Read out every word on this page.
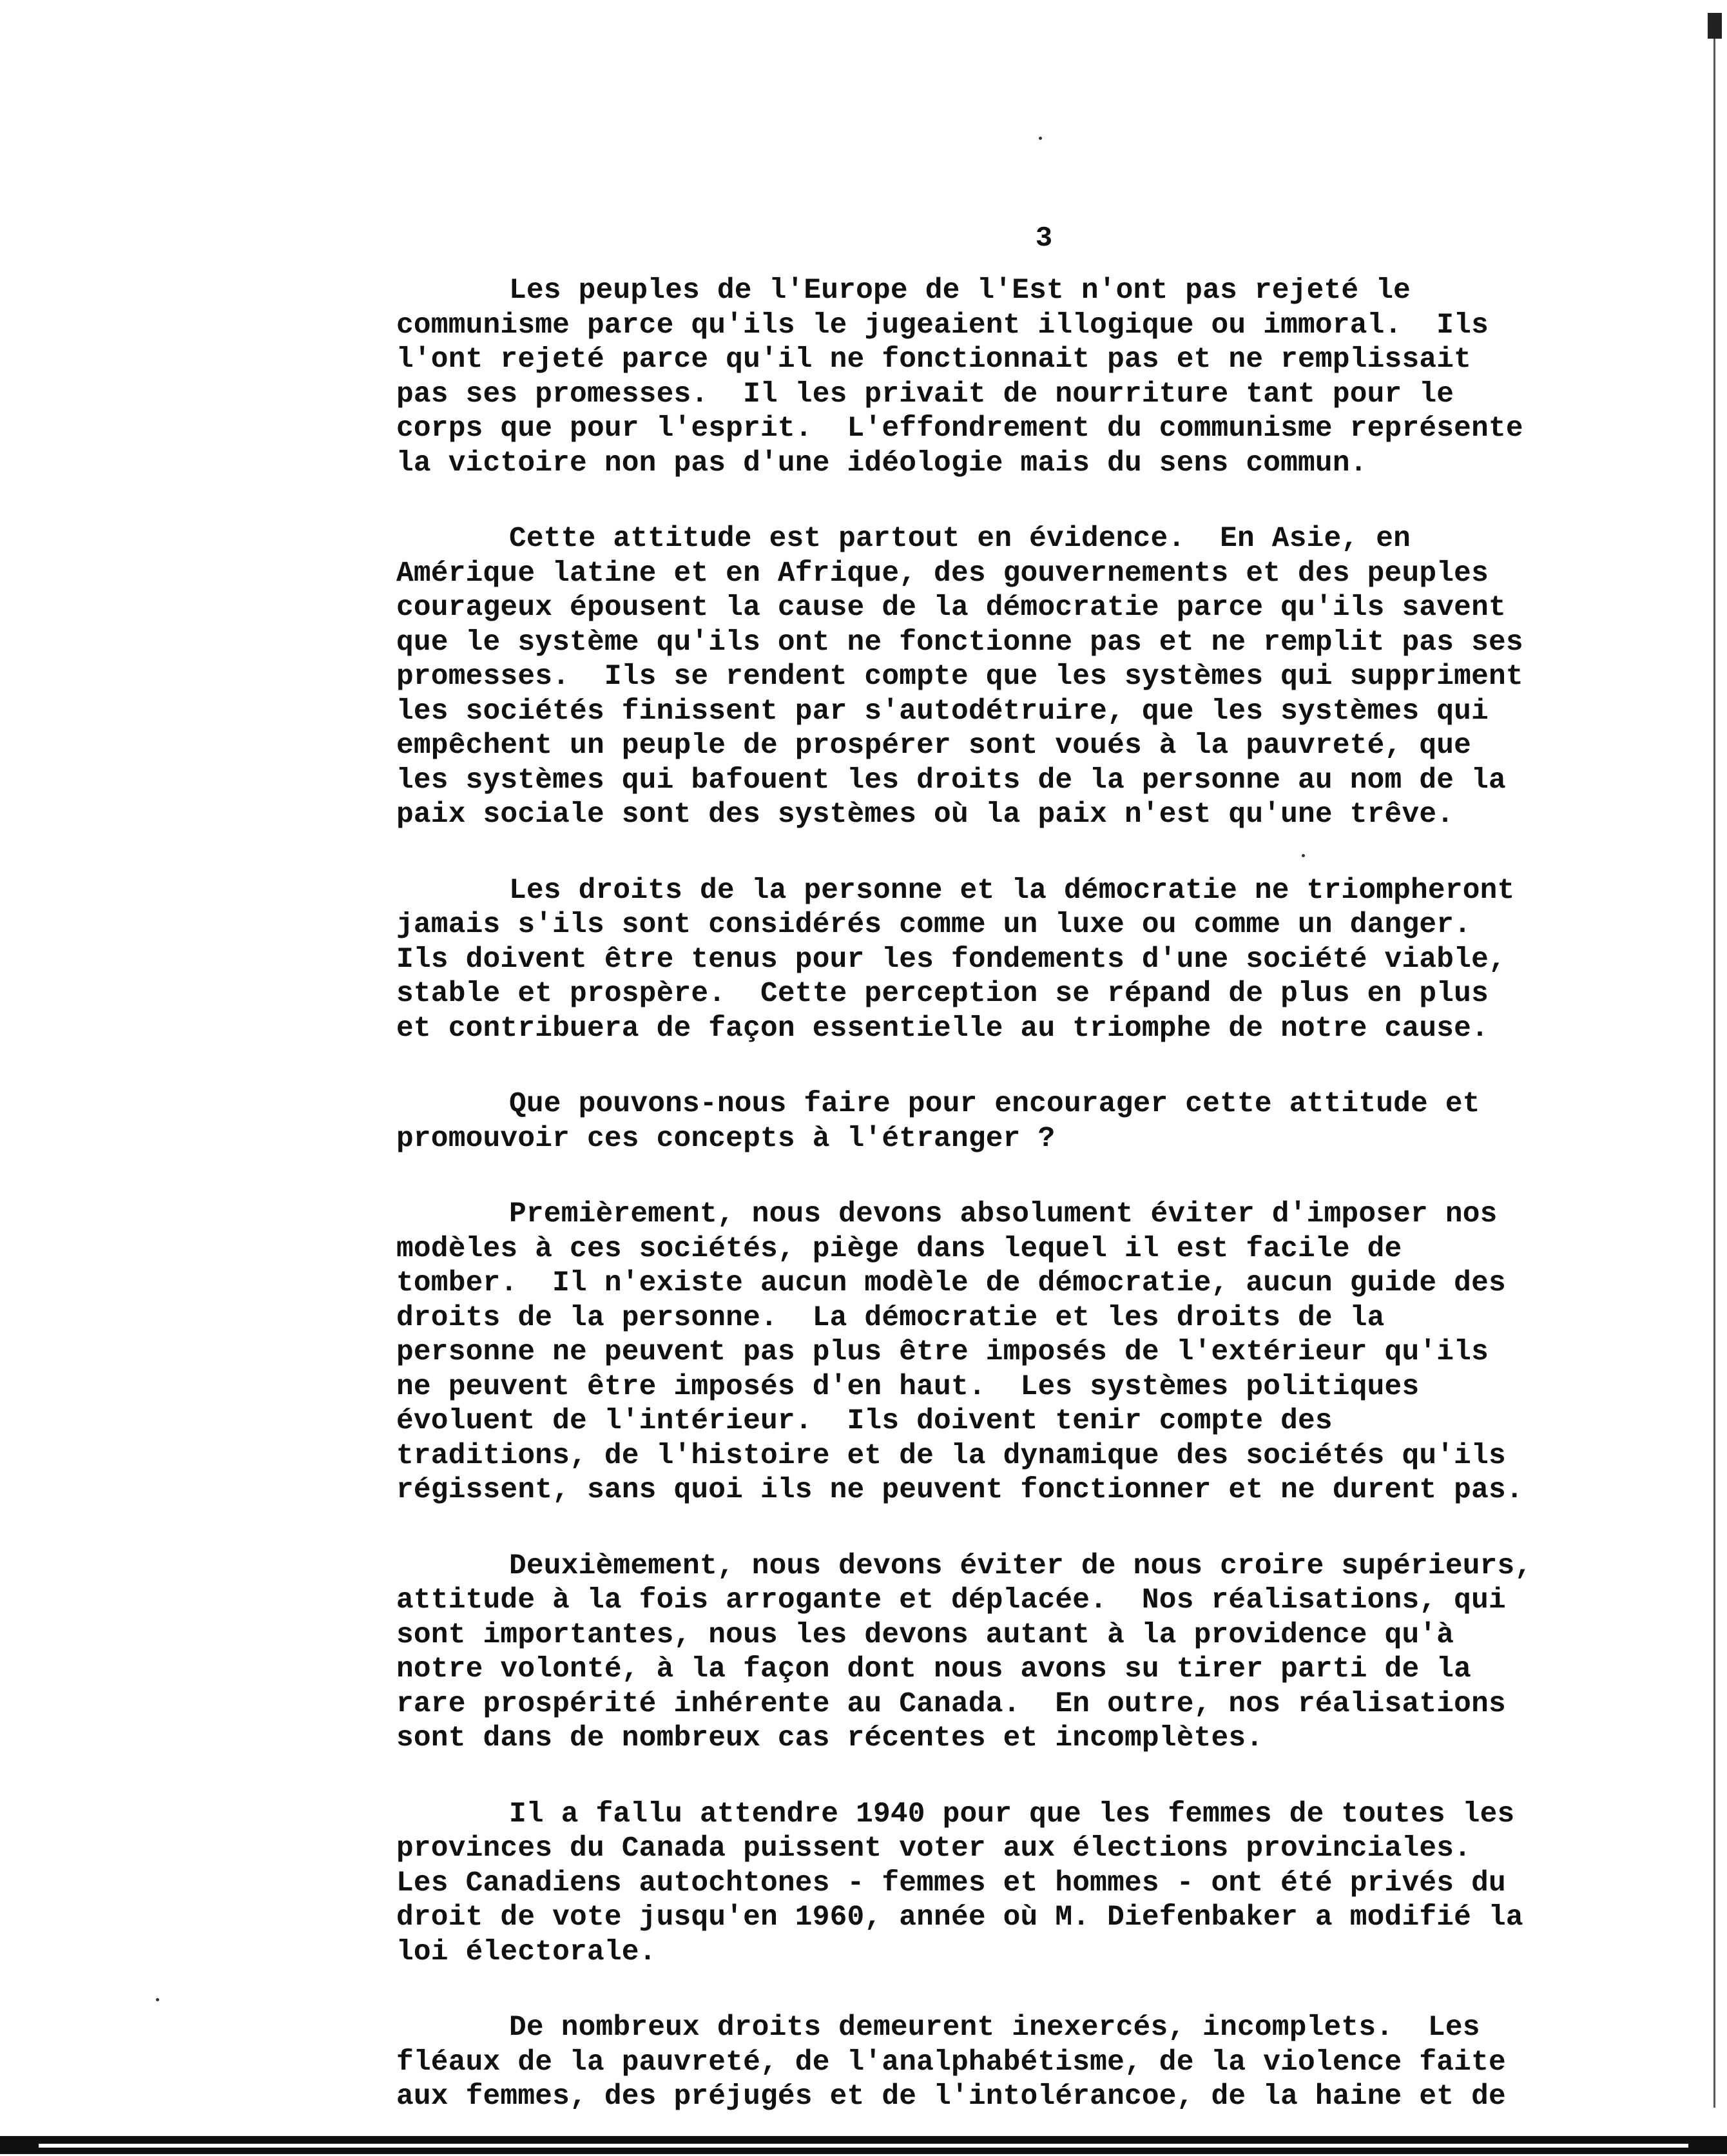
3
Les peuples de l'Europe de l'Est n'ont pas rejeté le
communisme parce qu'ils le jugeaient illogique ou immoral.  Ils
l'ont rejeté parce qu'il ne fonctionnait pas et ne remplissait
pas ses promesses.  Il les privait de nourriture tant pour le
corps que pour l'esprit.  L'effondrement du communisme représente
la victoire non pas d'une idéologie mais du sens commun.
Cette attitude est partout en évidence.  En Asie, en
Amérique latine et en Afrique, des gouvernements et des peuples
courageux épousent la cause de la démocratie parce qu'ils savent
que le système qu'ils ont ne fonctionne pas et ne remplit pas ses
promesses.  Ils se rendent compte que les systèmes qui suppriment
les sociétés finissent par s'autodétruire, que les systèmes qui
empêchent un peuple de prospérer sont voués à la pauvreté, que
les systèmes qui bafouent les droits de la personne au nom de la
paix sociale sont des systèmes où la paix n'est qu'une trêve.
Les droits de la personne et la démocratie ne triompheront
jamais s'ils sont considérés comme un luxe ou comme un danger.
Ils doivent être tenus pour les fondements d'une société viable,
stable et prospère.  Cette perception se répand de plus en plus
et contribuera de façon essentielle au triomphe de notre cause.
Que pouvons-nous faire pour encourager cette attitude et
promouvoir ces concepts à l'étranger ?
Premièrement, nous devons absolument éviter d'imposer nos
modèles à ces sociétés, piège dans lequel il est facile de
tomber.  Il n'existe aucun modèle de démocratie, aucun guide des
droits de la personne.  La démocratie et les droits de la
personne ne peuvent pas plus être imposés de l'extérieur qu'ils
ne peuvent être imposés d'en haut.  Les systèmes politiques
évoluent de l'intérieur.  Ils doivent tenir compte des
traditions, de l'histoire et de la dynamique des sociétés qu'ils
régissent, sans quoi ils ne peuvent fonctionner et ne durent pas.
Deuxièmement, nous devons éviter de nous croire supérieurs,
attitude à la fois arrogante et déplacée.  Nos réalisations, qui
sont importantes, nous les devons autant à la providence qu'à
notre volonté, à la façon dont nous avons su tirer parti de la
rare prospérité inhérente au Canada.  En outre, nos réalisations
sont dans de nombreux cas récentes et incomplètes.
Il a fallu attendre 1940 pour que les femmes de toutes les
provinces du Canada puissent voter aux élections provinciales.
Les Canadiens autochtones - femmes et hommes - ont été privés du
droit de vote jusqu'en 1960, année où M. Diefenbaker a modifié la
loi électorale.
De nombreux droits demeurent inexercés, incomplets.  Les
fléaux de la pauvreté, de l'analphabétisme, de la violence faite
aux femmes, des préjugés et de l'intolérancoe, de la haine et de
